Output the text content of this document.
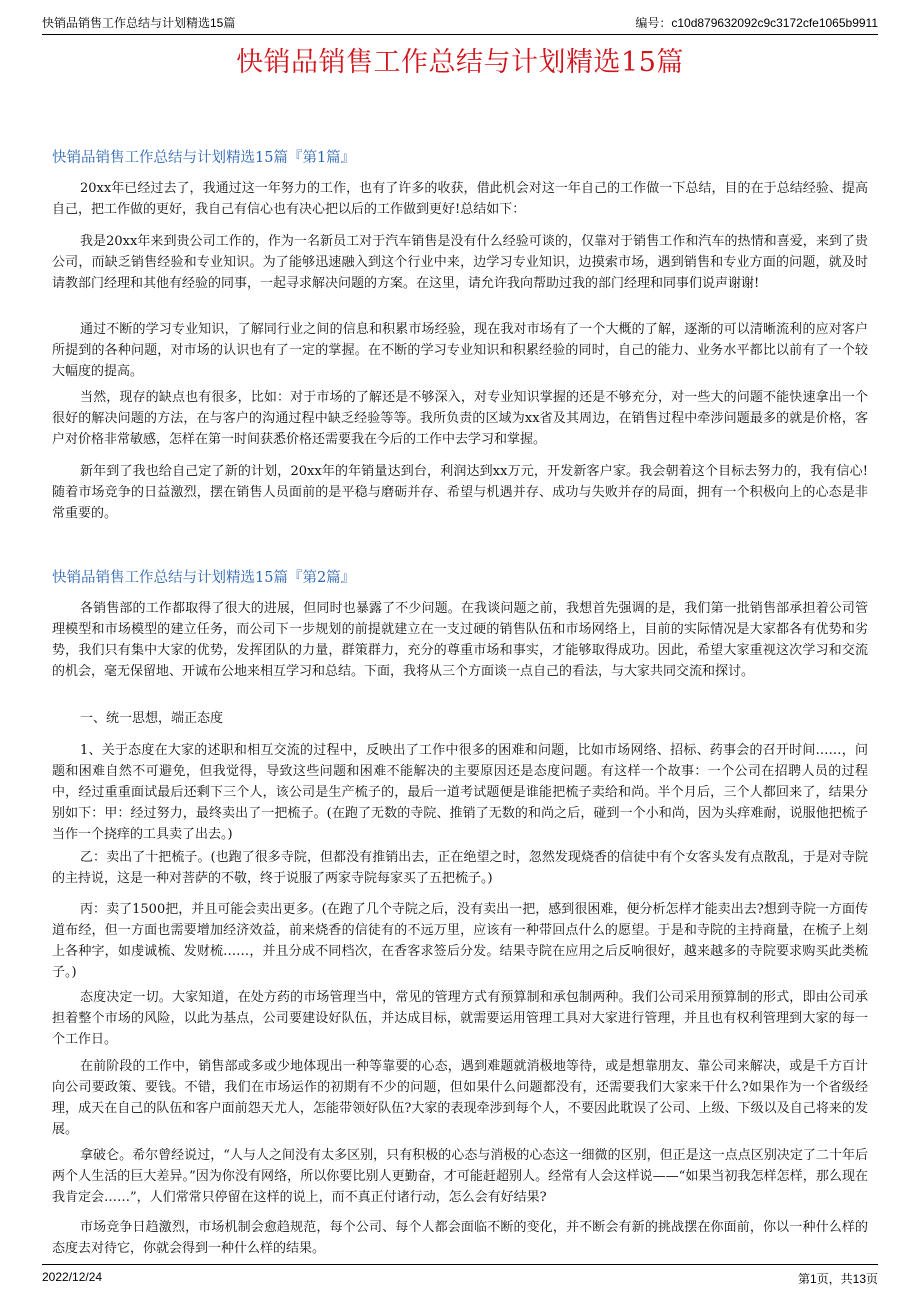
快销品销售工作总结与计划精选15篇	编号：c10d879632092c9c3172cfe1065b9911
快销品销售工作总结与计划精选15篇
快销品销售工作总结与计划精选15篇『第1篇』

20xx年已经过去了，我通过这一年努力的工作，也有了许多的收获，借此机会对这一年自己的工作做一下总结，目的在于总结经验、提高自己，把工作做的更好，我自己有信心也有决心把以后的工作做到更好!总结如下：

我是20xx年来到贵公司工作的，作为一名新员工对于汽车销售是没有什么经验可谈的，仅靠对于销售工作和汽车的热情和喜爱，来到了贵公司，而缺乏销售经验和专业知识。为了能够迅速融入到这个行业中来，边学习专业知识，边摸索市场，遇到销售和专业方面的问题，就及时请教部门经理和其他有经验的同事，一起寻求解决问题的方案。在这里，请允许我向帮助过我的部门经理和同事们说声谢谢!

通过不断的学习专业知识，了解同行业之间的信息和积累市场经验，现在我对市场有了一个大概的了解，逐渐的可以清晰流利的应对客户所提到的各种问题，对市场的认识也有了一定的掌握。在不断的学习专业知识和积累经验的同时，自己的能力、业务水平都比以前有了一个较大幅度的提高。

当然，现存的缺点也有很多，比如：对于市场的了解还是不够深入，对专业知识掌握的还是不够充分，对一些大的问题不能快速拿出一个很好的解决问题的方法，在与客户的沟通过程中缺乏经验等等。我所负责的区域为xx省及其周边，在销售过程中牵涉问题最多的就是价格，客户对价格非常敏感，怎样在第一时间获悉价格还需要我在今后的工作中去学习和掌握。

新年到了我也给自己定了新的计划，20xx年的年销量达到台，利润达到xx万元，开发新客户家。我会朝着这个目标去努力的，我有信心!随着市场竞争的日益激烈，摆在销售人员面前的是平稳与磨砺并存、希望与机遇并存、成功与失败并存的局面，拥有一个积极向上的心态是非常重要的。

快销品销售工作总结与计划精选15篇『第2篇』

各销售部的工作都取得了很大的进展，但同时也暴露了不少问题。在我谈问题之前，我想首先强调的是，我们第一批销售部承担着公司管理模型和市场模型的建立任务，而公司下一步规划的前提就建立在一支过硬的销售队伍和市场网络上，目前的实际情况是大家都各有优势和劣势，我们只有集中大家的优势，发挥团队的力量，群策群力，充分的尊重市场和事实，才能够取得成功。因此，希望大家重视这次学习和交流的机会，毫无保留地、开诚布公地来相互学习和总结。下面，我将从三个方面谈一点自己的看法，与大家共同交流和探讨。

一、统一思想，端正态度

1、关于态度在大家的述职和相互交流的过程中，反映出了工作中很多的困难和问题，比如市场网络、招标、药事会的召开时间……，问题和困难自然不可避免，但我觉得，导致这些问题和困难不能解决的主要原因还是态度问题。有这样一个故事：一个公司在招聘人员的过程中，经过重重面试最后还剩下三个人，该公司是生产梳子的，最后一道考试题便是谁能把梳子卖给和尚。半个月后，三个人都回来了，结果分别如下：甲：经过努力，最终卖出了一把梳子。(在跑了无数的寺院、推销了无数的和尚之后，碰到一个小和尚，因为头痒难耐，说服他把梳子当作一个挠痒的工具卖了出去。)

乙：卖出了十把梳子。(也跑了很多寺院，但都没有推销出去，正在绝望之时，忽然发现烧香的信徒中有个女客头发有点散乱，于是对寺院的主持说，这是一种对菩萨的不敬，终于说服了两家寺院每家买了五把梳子。)

丙：卖了1500把，并且可能会卖出更多。(在跑了几个寺院之后，没有卖出一把，感到很困难，便分析怎样才能卖出去?想到寺院一方面传道布经，但一方面也需要增加经济效益，前来烧香的信徒有的不远万里，应该有一种带回点什么的愿望。于是和寺院的主持商量，在梳子上刻上各种字，如虔诚梳、发财梳……，并且分成不同档次，在香客求签后分发。结果寺院在应用之后反响很好，越来越多的寺院要求购买此类梳子。)

态度决定一切。大家知道，在处方药的市场管理当中，常见的管理方式有预算制和承包制两种。我们公司采用预算制的形式，即由公司承担着整个市场的风险，以此为基点，公司要建设好队伍，并达成目标，就需要运用管理工具对大家进行管理，并且也有权利管理到大家的每一个工作日。

在前阶段的工作中，销售部或多或少地体现出一种等靠要的心态，遇到难题就消极地等待，或是想靠朋友、靠公司来解决，或是千方百计向公司要政策、要钱。不错，我们在市场运作的初期有不少的问题，但如果什么问题都没有，还需要我们大家来干什么?如果作为一个省级经理，成天在自己的队伍和客户面前怨天尤人，怎能带领好队伍?大家的表现牵涉到每个人，不要因此耽误了公司、上级、下级以及自己将来的发展。

拿破仑。希尔曾经说过，“人与人之间没有太多区别，只有积极的心态与消极的心态这一细微的区别，但正是这一点点区别决定了二十年后两个人生活的巨大差异。”因为你没有网络，所以你要比别人更勤奋，才可能赶超别人。经常有人会这样说——“如果当初我怎样怎样，那么现在我肯定会……”，人们常常只停留在这样的说上，而不真正付诸行动，怎么会有好结果?

市场竞争日趋激烈，市场机制会愈趋规范，每个公司、每个人都会面临不断的变化，并不断会有新的挑战摆在你面前，你以一种什么样的态度去对待它，你就会得到一种什么样的结果。

2022/12/24	第1页，共13页
